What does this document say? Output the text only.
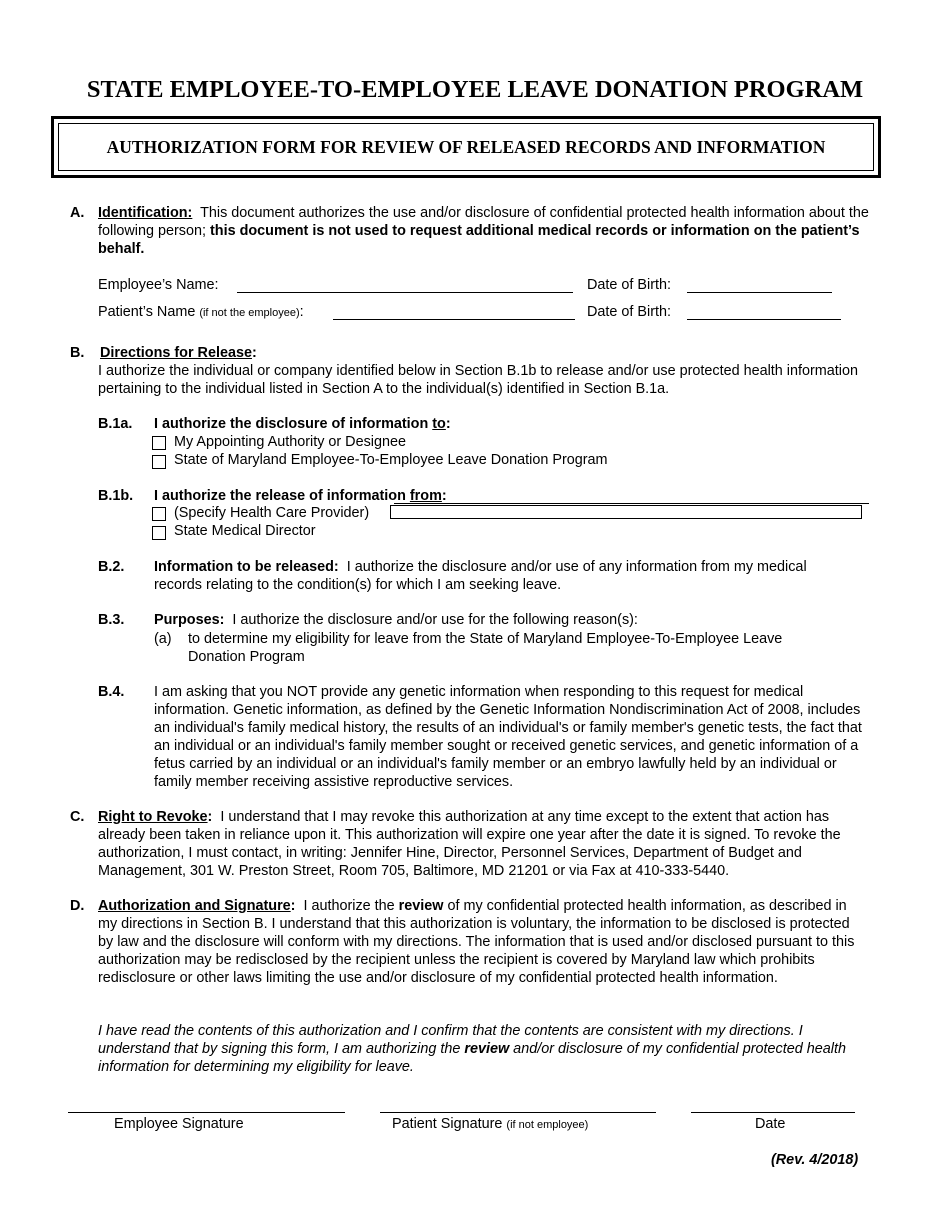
STATE EMPLOYEE-TO-EMPLOYEE LEAVE DONATION PROGRAM
AUTHORIZATION FORM FOR REVIEW OF RELEASED RECORDS AND INFORMATION
A. Identification: This document authorizes the use and/or disclosure of confidential protected health information about the following person; this document is not used to request additional medical records or information on the patient’s behalf.
Employee’s Name:	Date of Birth:
Patient’s Name (if not the employee):	Date of Birth:
B. Directions for Release:
I authorize the individual or company identified below in Section B.1b to release and/or use protected health information pertaining to the individual listed in Section A to the individual(s) identified in Section B.1a.
B.1a. I authorize the disclosure of information to:
My Appointing Authority or Designee
State of Maryland Employee-To-Employee Leave Donation Program
B.1b. I authorize the release of information from:
(Specify Health Care Provider)
State Medical Director
B.2. Information to be released: I authorize the disclosure and/or use of any information from my medical records relating to the condition(s) for which I am seeking leave.
B.3. Purposes: I authorize the disclosure and/or use for the following reason(s):
(a) to determine my eligibility for leave from the State of Maryland Employee-To-Employee Leave Donation Program
B.4. I am asking that you NOT provide any genetic information when responding to this request for medical information. Genetic information, as defined by the Genetic Information Nondiscrimination Act of 2008, includes an individual's family medical history, the results of an individual's or family member's genetic tests, the fact that an individual or an individual's family member sought or received genetic services, and genetic information of a fetus carried by an individual or an individual's family member or an embryo lawfully held by an individual or family member receiving assistive reproductive services.
C. Right to Revoke: I understand that I may revoke this authorization at any time except to the extent that action has already been taken in reliance upon it. This authorization will expire one year after the date it is signed. To revoke the authorization, I must contact, in writing: Jennifer Hine, Director, Personnel Services, Department of Budget and Management, 301 W. Preston Street, Room 705, Baltimore, MD 21201 or via Fax at 410-333-5440.
D. Authorization and Signature: I authorize the review of my confidential protected health information, as described in my directions in Section B. I understand that this authorization is voluntary, the information to be disclosed is protected by law and the disclosure will conform with my directions. The information that is used and/or disclosed pursuant to this authorization may be redisclosed by the recipient unless the recipient is covered by Maryland law which prohibits redisclosure or other laws limiting the use and/or disclosure of my confidential protected health information.
I have read the contents of this authorization and I confirm that the contents are consistent with my directions. I understand that by signing this form, I am authorizing the review and/or disclosure of my confidential protected health information for determining my eligibility for leave.
Employee Signature	Patient Signature (if not employee)	Date
(Rev. 4/2018)
